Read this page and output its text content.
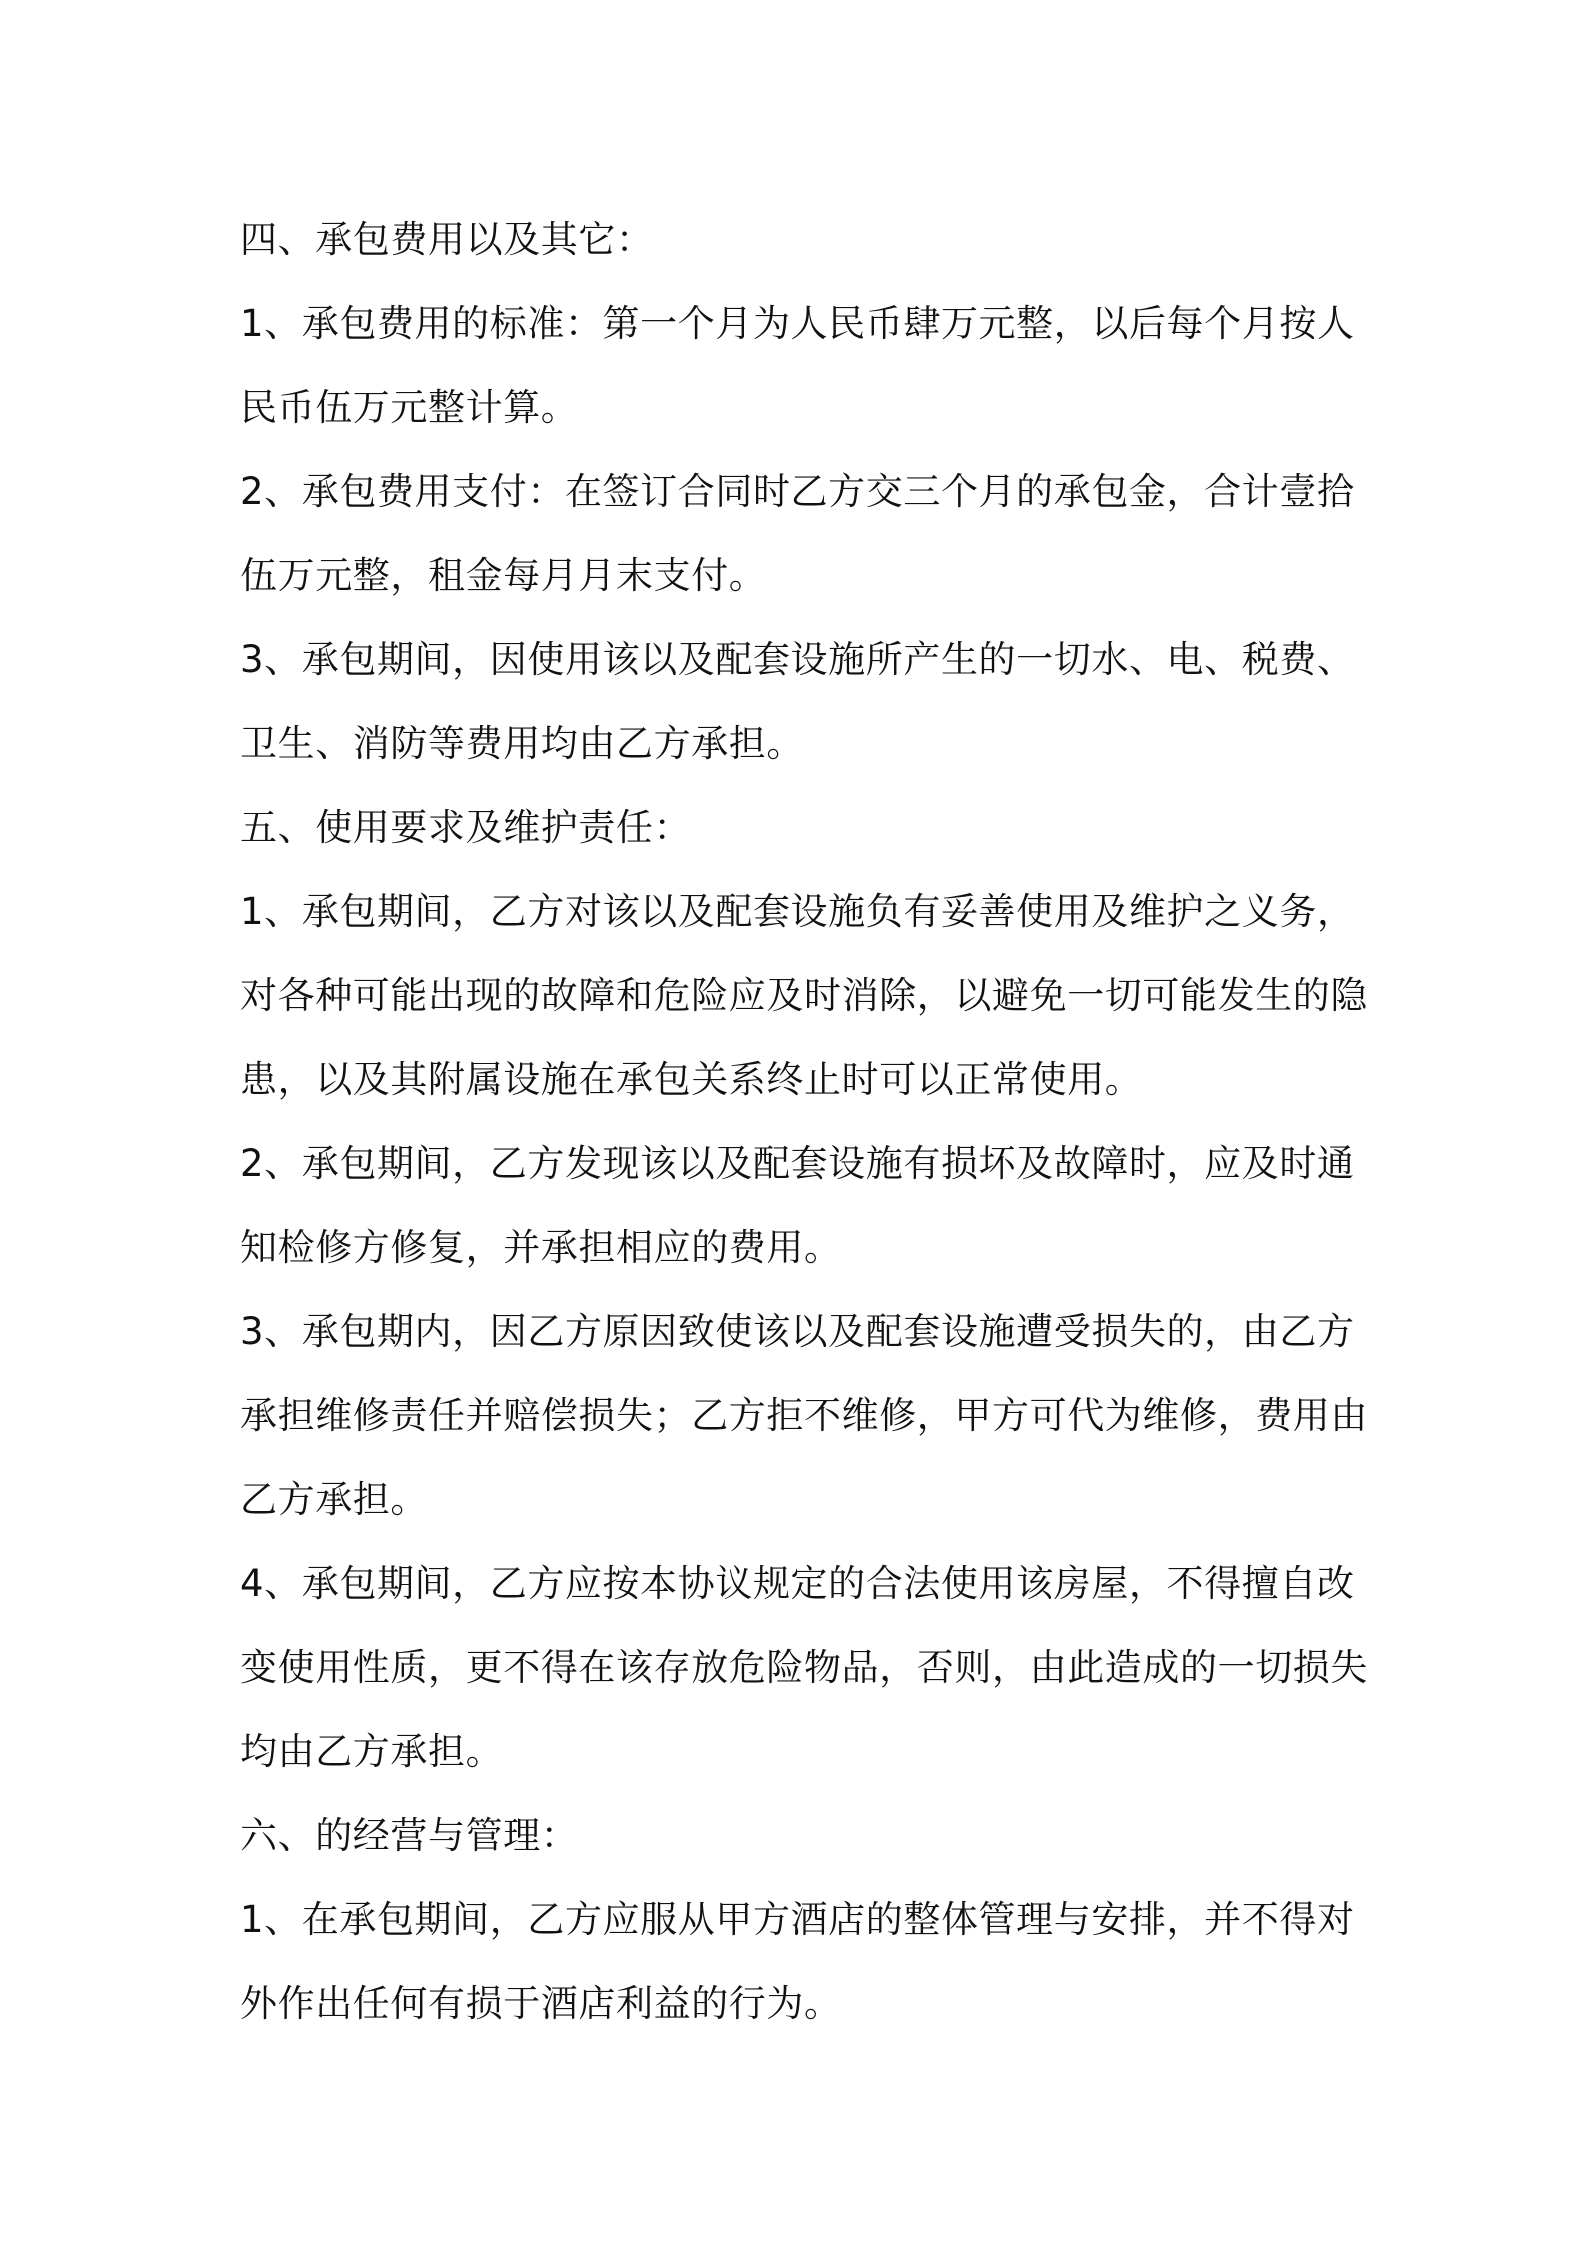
四、承包费用以及其它：
1、承包费用的标准：第一个月为人民币肆万元整，以后每个月按人
民币伍万元整计算。
2、承包费用支付：在签订合同时乙方交三个月的承包金，合计壹拾
伍万元整，租金每月月末支付。
3、承包期间，因使用该以及配套设施所产生的一切水、电、税费、
卫生、消防等费用均由乙方承担。
五、使用要求及维护责任：
1、承包期间，乙方对该以及配套设施负有妥善使用及维护之义务，
对各种可能出现的故障和危险应及时消除，以避免一切可能发生的隐
患，以及其附属设施在承包关系终止时可以正常使用。
2、承包期间，乙方发现该以及配套设施有损坏及故障时，应及时通
知检修方修复，并承担相应的费用。
3、承包期内，因乙方原因致使该以及配套设施遭受损失的，由乙方
承担维修责任并赔偿损失；乙方拒不维修，甲方可代为维修，费用由
乙方承担。
4、承包期间，乙方应按本协议规定的合法使用该房屋，不得擅自改
变使用性质，更不得在该存放危险物品，否则，由此造成的一切损失
均由乙方承担。
六、的经营与管理：
1、在承包期间，乙方应服从甲方酒店的整体管理与安排，并不得对
外作出任何有损于酒店利益的行为。
